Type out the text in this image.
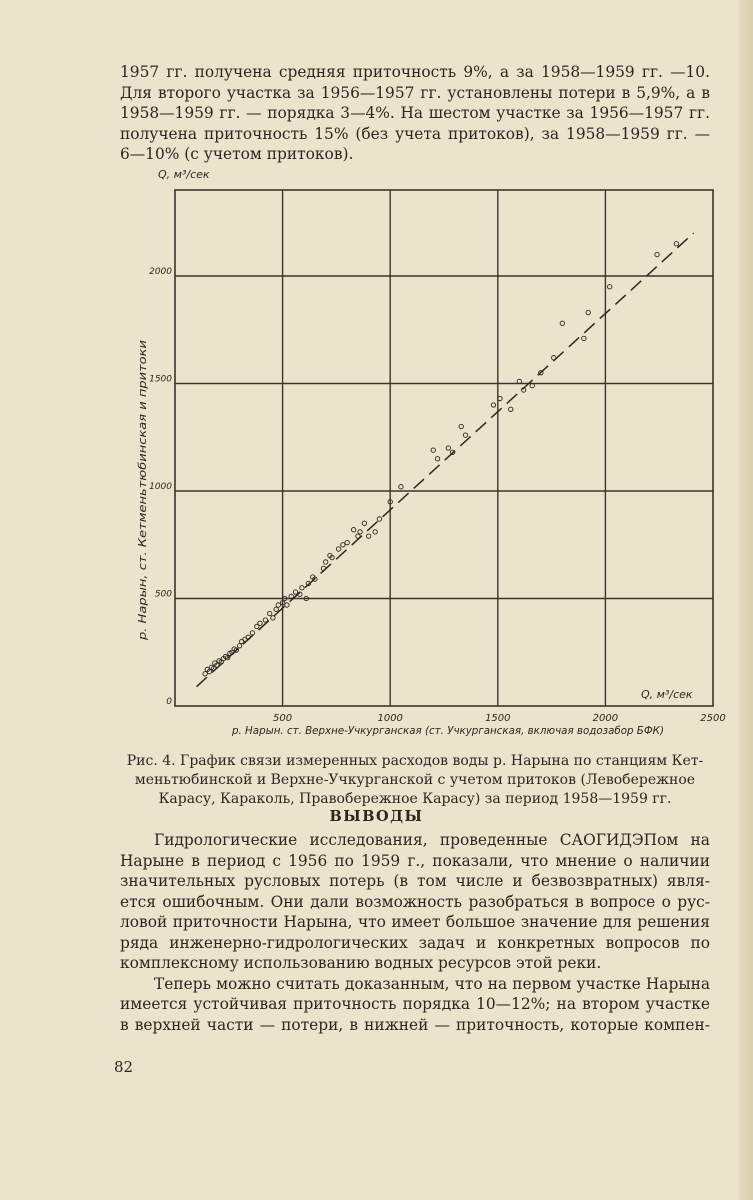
1957 гг. получена средняя приточность 9%, а за 1958—1959 гг. —10.
Для второго участка за 1956—1957 гг. установлены потери в 5,9%, а в
1958—1959 гг. — порядка 3—4%. На шестом участке за 1956—1957 гг.
получена приточность 15% (без учета притоков), за 1958—1959 гг. —
6—10% (с учетом притоков).
Q, м³/сек
Q, м³/сек
р. Нарын. ст. Верхне-Учкурганская (ст. Учкурганская, включая водозабор БФК)
р. Нарын, ст. Кетменьтюбинская и притоки
500	1000	1500	2000	2500
0
500
1000
1500
2000
Рис. 4. График связи измеренных расходов воды р. Нарына по станциям Кет-
меньтюбинской и Верхне-Учкурганской с учетом притоков (Левобережное
Карасу, Караколь, Правобережное Карасу) за период 1958—1959 гг.
ВЫВОДЫ
Гидрологические исследования, проведенные САОГИДЭПом на
Нарыне в период с 1956 по 1959 г., показали, что мнение о наличии
значительных русловых потерь (в том числе и безвозвратных) явля-
ется ошибочным. Они дали возможность разобраться в вопросе о рус-
ловой приточности Нарына, что имеет большое значение для решения
ряда инженерно-гидрологических задач и конкретных вопросов по
комплексному использованию водных ресурсов этой реки.
Теперь можно считать доказанным, что на первом участке Нарына
имеется устойчивая приточность порядка 10—12%; на втором участке
в верхней части — потери, в нижней — приточность, которые компен-
82
